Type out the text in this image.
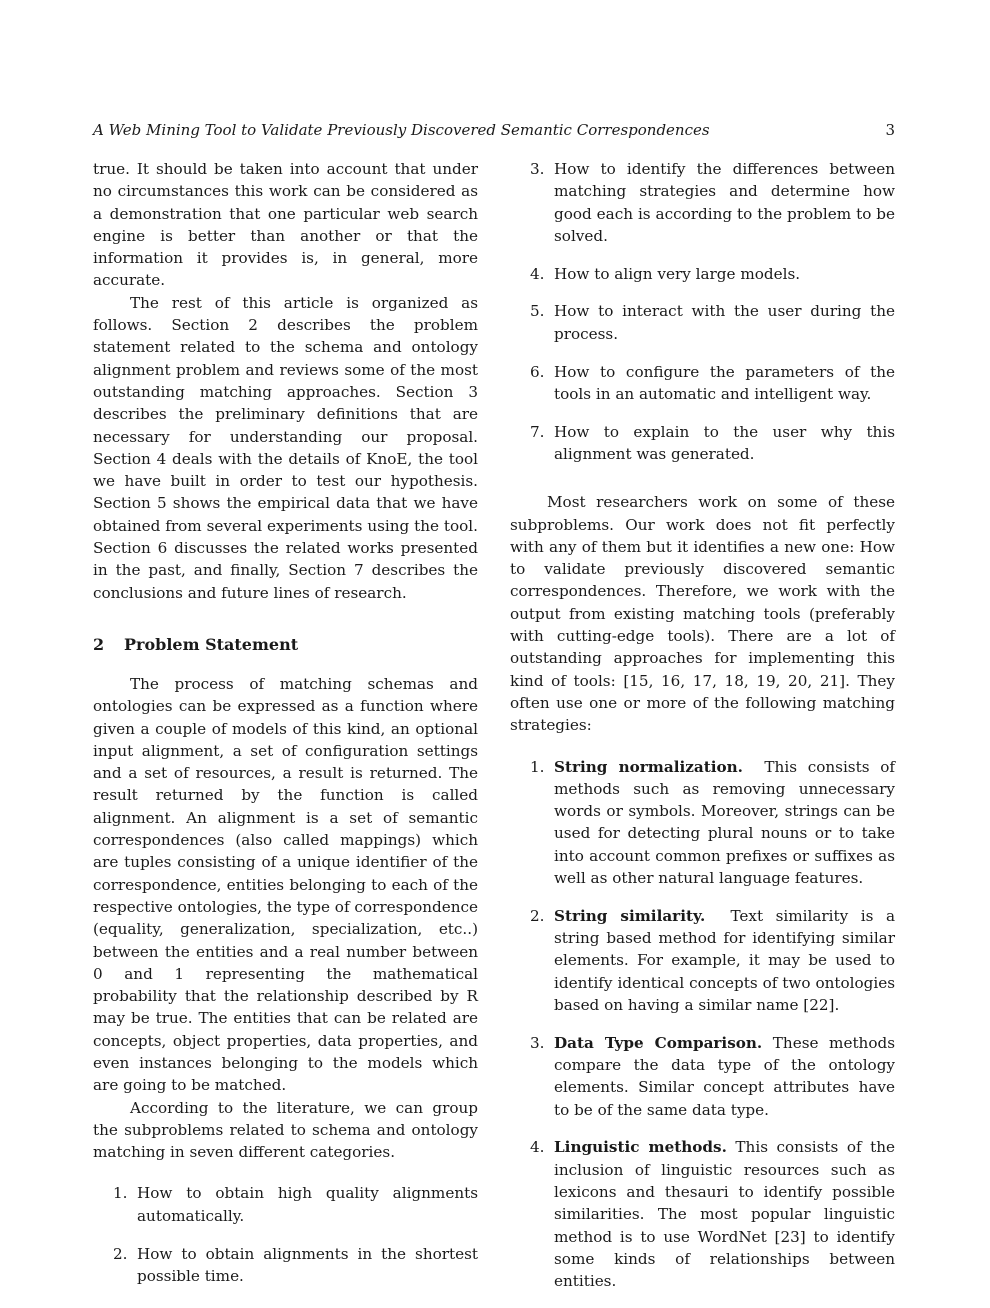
A Web Mining Tool to Validate Previously Discovered Semantic Correspondences	3

true. It should be taken into account that under no circumstances this work can be considered as a demonstration that one particular web search engine is better than another or that the information it provides is, in general, more accurate.

The rest of this article is organized as follows. Section 2 describes the problem statement related to the schema and ontology alignment problem and reviews some of the most outstanding matching approaches. Section 3 describes the preliminary definitions that are necessary for understanding our proposal. Section 4 deals with the details of KnoE, the tool we have built in order to test our hypothesis. Section 5 shows the empirical data that we have obtained from several experiments using the tool. Section 6 discusses the related works presented in the past, and finally, Section 7 describes the conclusions and future lines of research.

2 Problem Statement

The process of matching schemas and ontologies can be expressed as a function where given a couple of models of this kind, an optional input alignment, a set of configuration settings and a set of resources, a result is returned. The result returned by the function is called alignment. An alignment is a set of semantic correspondences (also called mappings) which are tuples consisting of a unique identifier of the correspondence, entities belonging to each of the respective ontologies, the type of correspondence (equality, generalization, specialization, etc..) between the entities and a real number between 0 and 1 representing the mathematical probability that the relationship described by R may be true. The entities that can be related are concepts, object properties, data properties, and even instances belonging to the models which are going to be matched.

According to the literature, we can group the subproblems related to schema and ontology matching in seven different categories.

1. How to obtain high quality alignments automatically.
2. How to obtain alignments in the shortest possible time.
3. How to identify the differences between matching strategies and determine how good each is according to the problem to be solved.
4. How to align very large models.
5. How to interact with the user during the process.
6. How to configure the parameters of the tools in an automatic and intelligent way.
7. How to explain to the user why this alignment was generated.

Most researchers work on some of these subproblems. Our work does not fit perfectly with any of them but it identifies a new one: How to validate previously discovered semantic correspondences. Therefore, we work with the output from existing matching tools (preferably with cutting-edge tools). There are a lot of outstanding approaches for implementing this kind of tools: [15, 16, 17, 18, 19, 20, 21]. They often use one or more of the following matching strategies:

1. String normalization. This consists of methods such as removing unnecessary words or symbols. Moreover, strings can be used for detecting plural nouns or to take into account common prefixes or suffixes as well as other natural language features.
2. String similarity. Text similarity is a string based method for identifying similar elements. For example, it may be used to identify identical concepts of two ontologies based on having a similar name [22].
3. Data Type Comparison. These methods compare the data type of the ontology elements. Similar concept attributes have to be of the same data type.
4. Linguistic methods. This consists of the inclusion of linguistic resources such as lexicons and thesauri to identify possible similarities. The most popular linguistic method is to use WordNet [23] to identify some kinds of relationships between entities.
